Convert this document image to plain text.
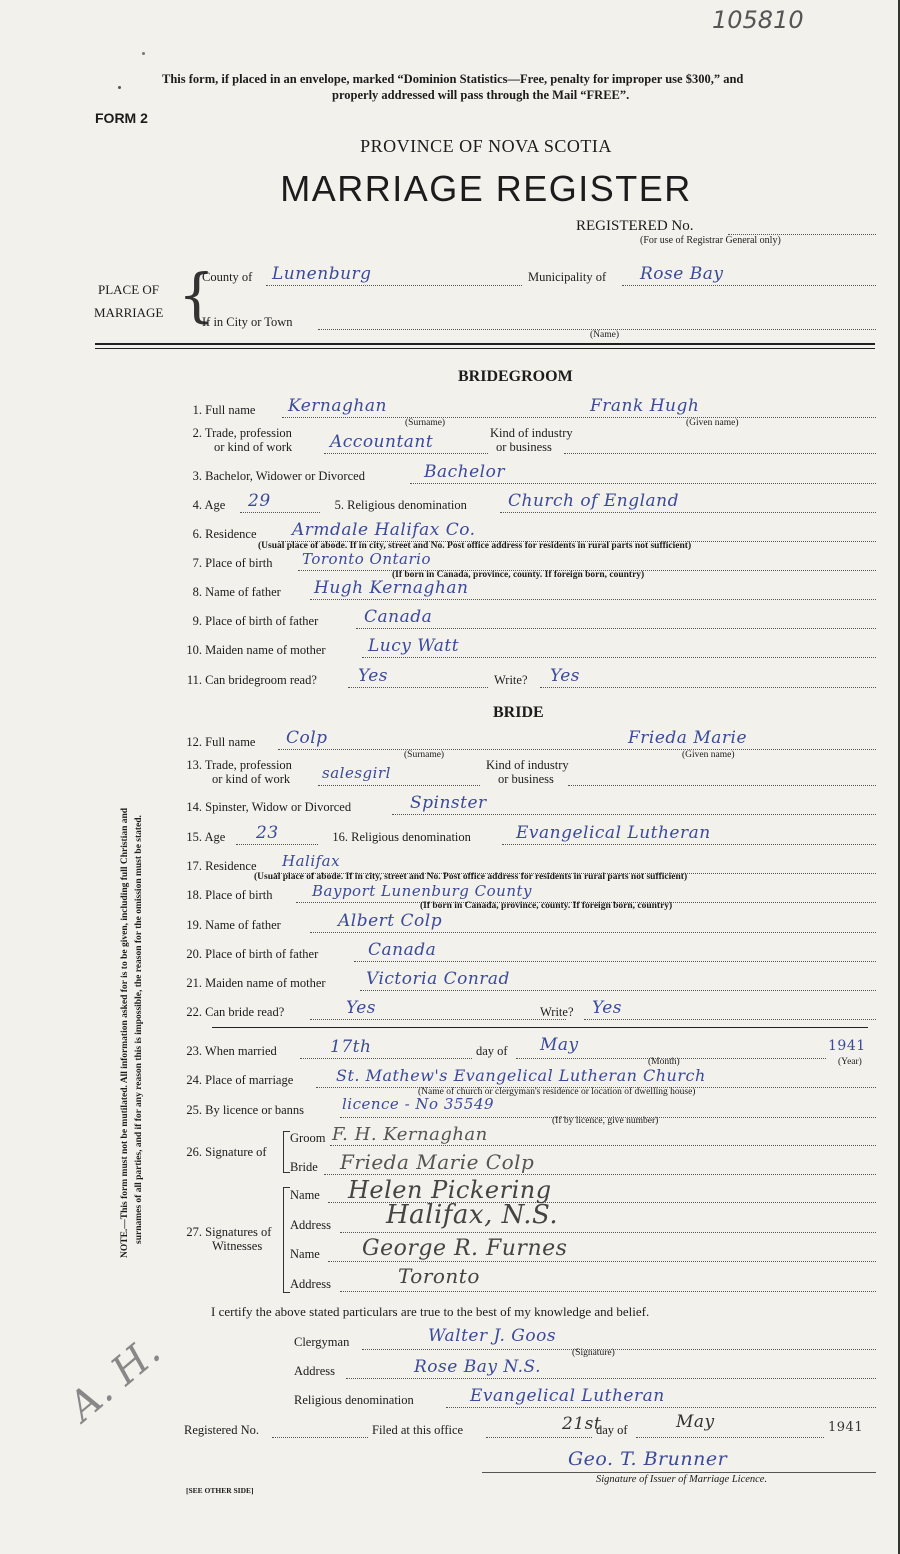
105810
This form, if placed in an envelope, marked “Dominion Statistics—Free, penalty for improper use $300,” and
properly addressed will pass through the Mail “FREE”.
FORM 2
PROVINCE OF NOVA SCOTIA
MARRIAGE REGISTER
REGISTERED No.
(For use of Registrar General only)
PLACE OF
MARRIAGE {
County of Lunenburg	Municipality of Rose Bay
If in City or Town
(Name)
BRIDEGROOM
1. Full name Kernaghan	Frank Hugh
(Surname)	(Given name)
2. Trade, profession
or kind of work Accountant	Kind of industry
or business
3. Bachelor, Widower or Divorced	Bachelor
4. Age 29	5. Religious denomination Church of England
6. Residence Armdale Halifax Co.
(Usual place of abode. If in city, street and No. Post office address for residents in rural parts not sufficient)
7. Place of birth Toronto Ontario
(If born in Canada, province, county. If foreign born, country)
8. Name of father Hugh Kernaghan
9. Place of birth of father	Canada
10. Maiden name of mother Lucy Watt
11. Can bridegroom read? Yes	Write? Yes
BRIDE
12. Full name Colp	Frieda Marie
(Surname)	(Given name)
13. Trade, profession
or kind of work salesgirl	Kind of industry
or business
14. Spinster, Widow or Divorced	Spinster
15. Age 23	16. Religious denomination	Evangelical Lutheran
17. Residence Halifax
(Usual place of abode. If in city, street and No. Post office address for residents in rural parts not sufficient)
18. Place of birth	Bayport Lunenburg County
(If born in Canada, province, county. If foreign born, country)
19. Name of father	Albert Colp
20. Place of birth of father	Canada
21. Maiden name of mother Victoria Conrad
22. Can bride read?	Yes	Write? Yes
23. When married	17th	day of May	1941
(Month)	(Year)
24. Place of marriage	St. Mathew's Evangelical Lutheran Church
(Name of church or clergyman's residence or location of dwelling house)
25. By licence or banns	licence - No 35549
(If by licence, give number)
26. Signature of
Groom F. H. Kernaghan
Bride Frieda Marie Colp
27. Signatures of
Witnesses
Name Helen Pickering
Address Halifax, N.S.
Name George R. Furnes
Address	Toronto
I certify the above stated particulars are true to the best of my knowledge and belief.
Clergyman	Walter J. Goos
(Signature)
Address	Rose Bay N.S.
Religious denomination	Evangelical Lutheran
Registered No.	Filed at this office	21st
day of	May	1941
Geo. T. Brunner
Signature of Issuer of Marriage Licence.
[SEE OTHER SIDE]
A. H.
NOTE.—This form must not be mutilated. All information asked for is to be given, including full Christian and surnames of all parties, and if for any reason this is impossible, the reason for the omission must be stated.
